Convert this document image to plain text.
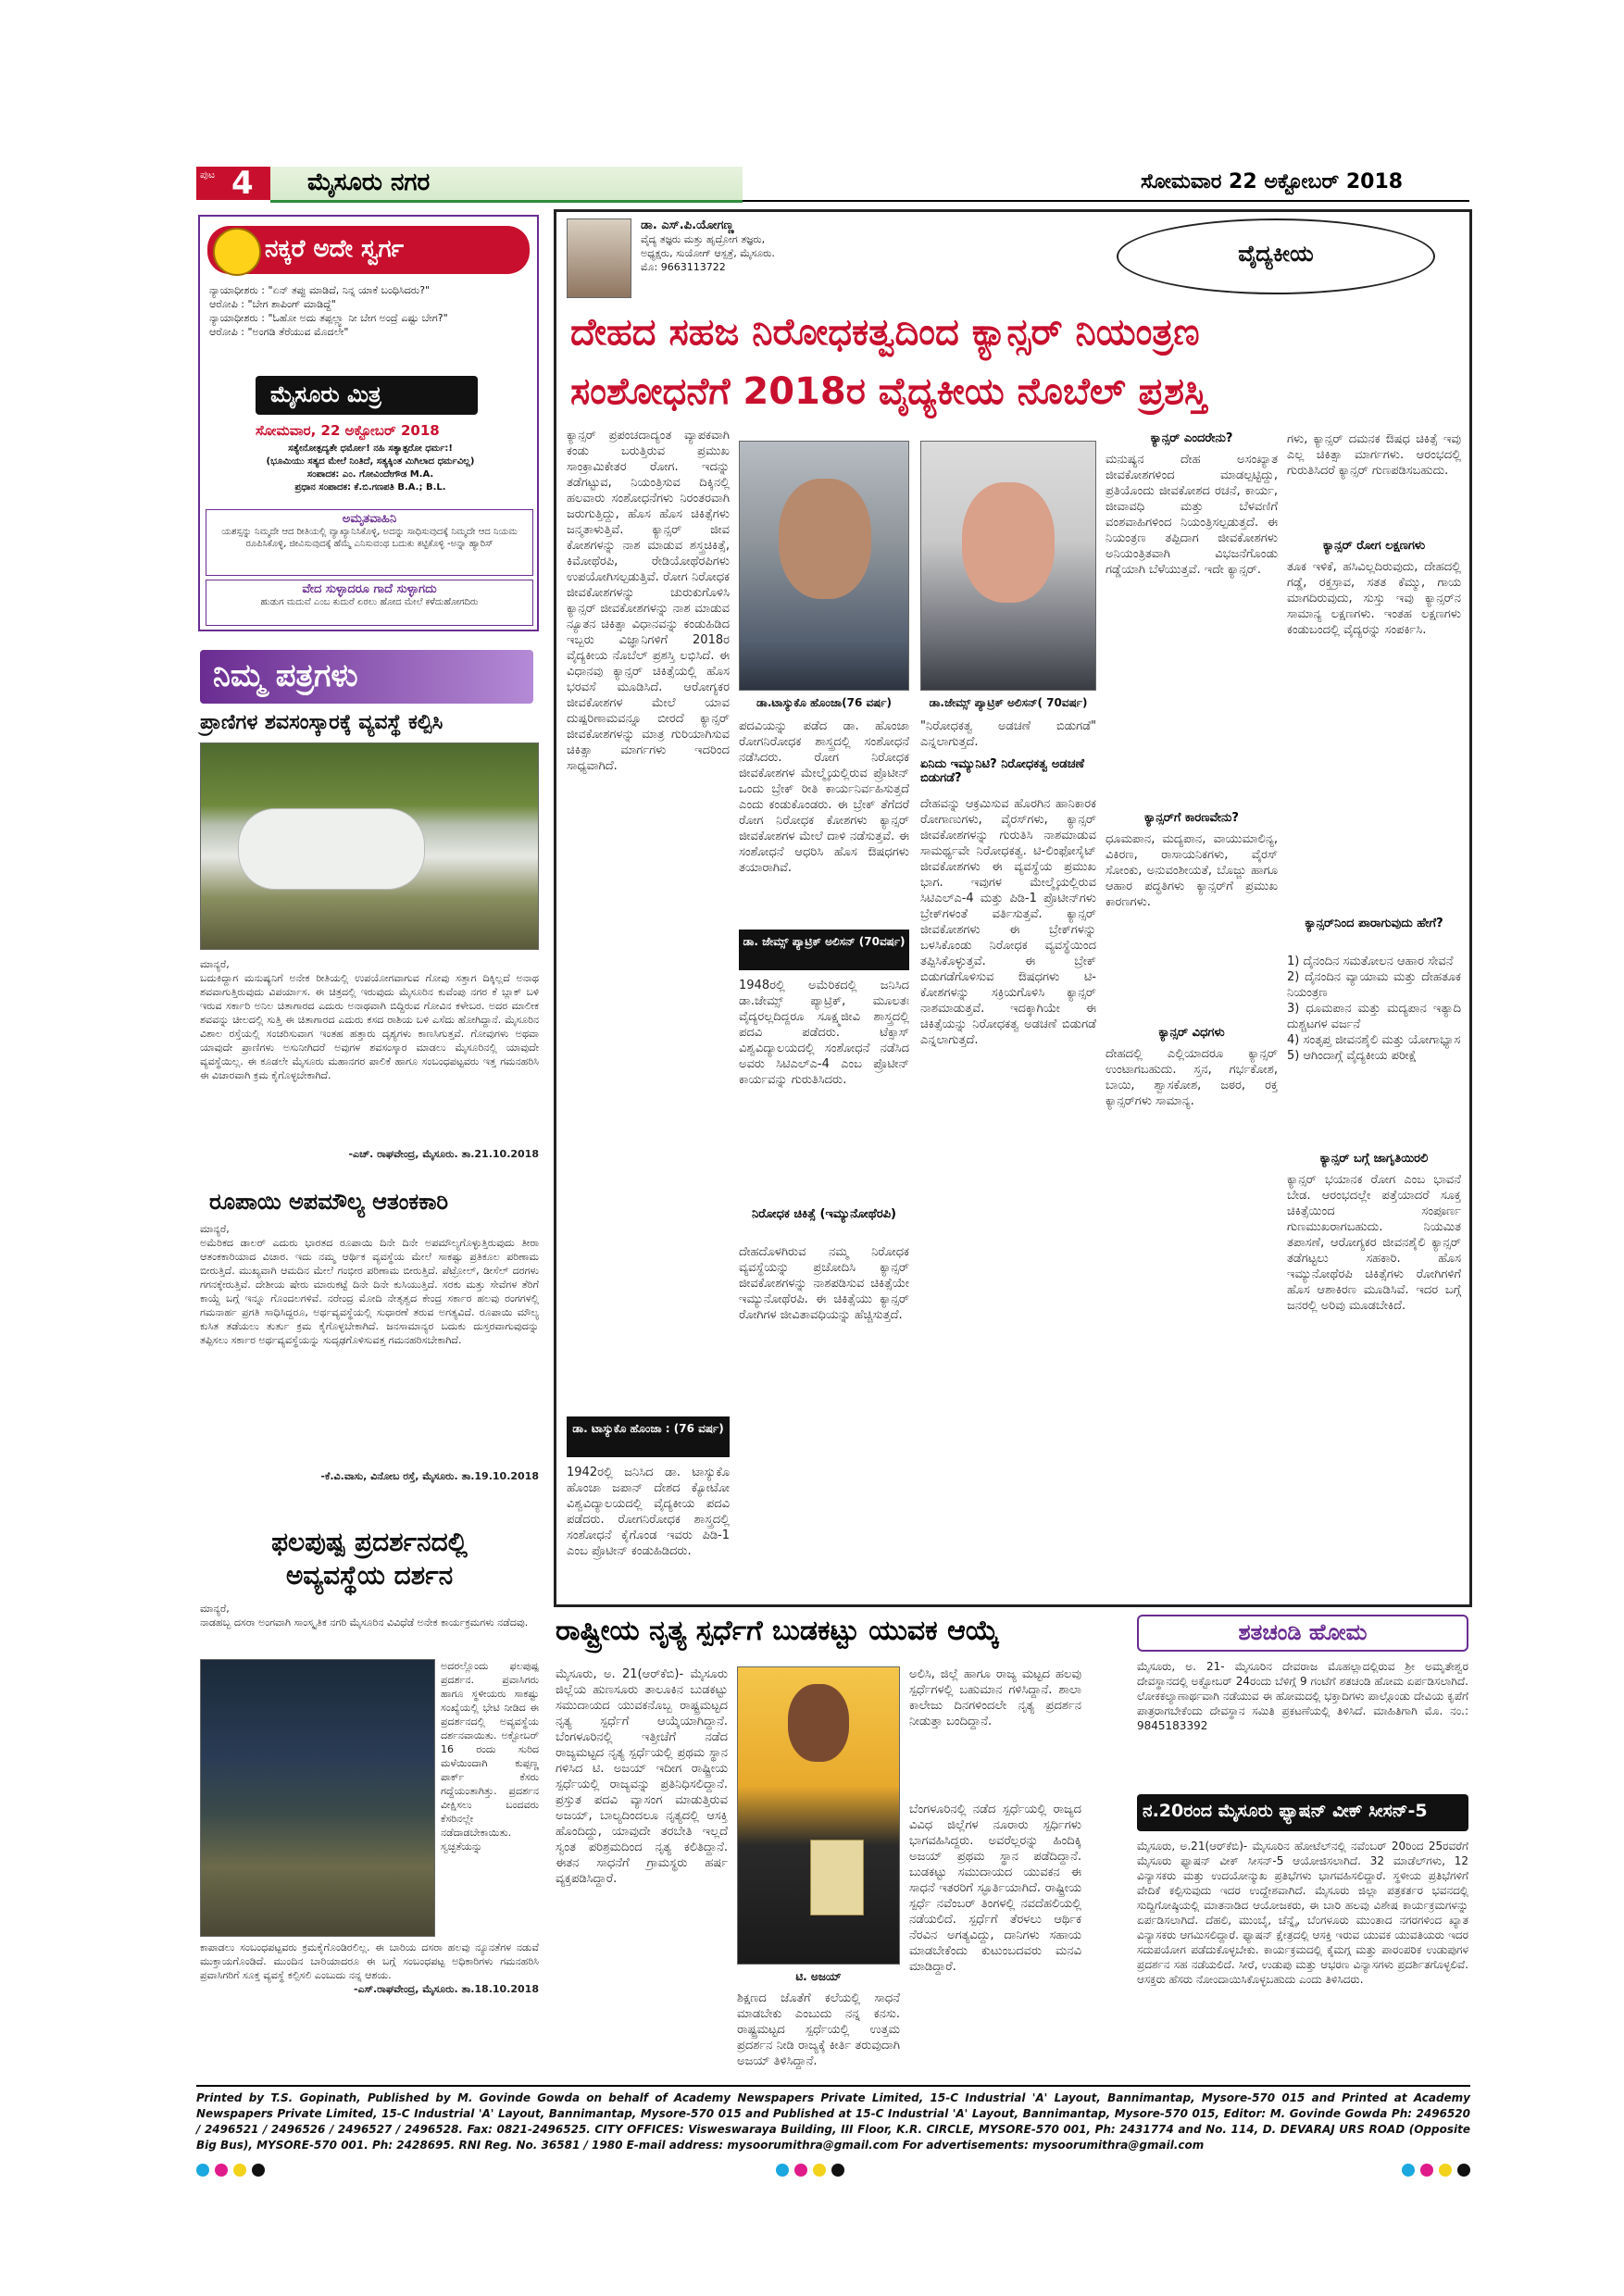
ಪುಟ 4 ಮೈಸೂರು ನಗರ	ಸೋಮವಾರ 22 ಅಕ್ಟೋಬರ್ 2018
ನಕ್ಕರೆ ಅದೇ ಸ್ವರ್ಗ
ನ್ಯಾಯಾಧೀಶರು : "ಏನ್ ತಪ್ಪು ಮಾಡಿದೆ, ನಿನ್ನ ಯಾಕೆ ಬಂಧಿಸಿದರು?"
ಆರೋಪಿ : "ಬೇಗ ಶಾಪಿಂಗ್ ಮಾಡಿದ್ದೆ"
ನ್ಯಾಯಾಧೀಶರು : "ಓಹೋ ಅದು ತಪ್ಪಲ್ಲ್ವಾ ನೀ ಬೇಗ ಅಂದ್ರೆ ಎಷ್ಟು ಬೇಗ?"
ಆರೋಪಿ : "ಅಂಗಡಿ ತೆರೆಯುವ ಮೊದಲೇ"
ಮೈಸೂರು ಮಿತ್ರ
ಸೋಮವಾರ, 22 ಅಕ್ಟೋಬರ್ 2018
ಸತ್ಯೇನೋತ್ಪದ್ಯತೇ ಧರ್ಮೋ! ನಹಿ ಸತ್ಯಾತ್ಪರೋ ಧರ್ಮ:!
(ಭೂಮಿಯು ಸತ್ಯದ ಮೇಲೆ ನಿಂತಿದೆ, ಸತ್ಯಕ್ಕಿಂತ ಮಿಗಿಲಾದ ಧರ್ಮವಿಲ್ಲ)
ಸಂಪಾದಕ: ಎಂ. ಗೋವಿಂದೇಗೌಡ M.A.
ಪ್ರಧಾನ ಸಂಪಾದಕ: ಕೆ.ಬಿ.ಗಣಪತಿ B.A.; B.L.
ಅಮೃತವಾಹಿನಿ
ಯಶಸ್ಸನ್ನು ನಿಮ್ಮದೇ ಆದ ರೀತಿಯಲ್ಲಿ ವ್ಯಾಖ್ಯಾನಿಸಿಕೊಳ್ಳಿ, ಅದನ್ನು ಸಾಧಿಸುವುದಕ್ಕೆ ನಿಮ್ಮದೇ ಆದ ನಿಯಮ ರೂಪಿಸಿಕೊಳ್ಳಿ, ಜೀವಿಸುವುದಕ್ಕೆ ಹೆಮ್ಮೆ ಎನಿಸುವಂಥ ಬದುಕು ಕಟ್ಟಿಕೊಳ್ಳಿ -ಅನ್ನಾ ಹ್ಯಾರಿಸ್
ವೇದ ಸುಳ್ಳಾದರೂ ಗಾದೆ ಸುಳ್ಳಾಗದು
ಹುಡುಗ ಮದುವೆ ಎಂಬ ಕುದುರೆ ಏರಲು ಹೋದ ಮೇಲೆ ಕಳೆದುಹೋಗದಿರು
ನಿಮ್ಮ ಪತ್ರಗಳು
ಪ್ರಾಣಿಗಳ ಶವಸಂಸ್ಕಾರಕ್ಕೆ ವ್ಯವಸ್ಥೆ ಕಲ್ಪಿಸಿ
ಮಾನ್ಯರೆ,
ಬದುಕಿದ್ದಾಗ ಮನುಷ್ಯನಿಗೆ ಅನೇಕ ರೀತಿಯಲ್ಲಿ ಉಪಯೋಗವಾಗುವ ಗೋವು ಸತ್ತಾಗ ದಿಕ್ಕಿಲ್ಲದೆ ಅನಾಥ ಶವವಾಗುತ್ತಿರುವುದು ವಿಪರ್ಯಾಸ. ಈ ಚಿತ್ರದಲ್ಲಿ ಇರುವುದು ಮೈಸೂರಿನ ಕುವೆಂಪು ನಗರ ಕೆ ಬ್ಲಾಕ್ ಬಳಿ ಇರುವ ಸರ್ಕಾರಿ ಅನಿಲ ಚಿತಾಗಾರದ ಎದುರು ಅನಾಥವಾಗಿ ಬಿದ್ದಿರುವ ಗೋವಿನ ಕಳೇಬರ. ಅದರ ಮಾಲೀಕ ಶವವನ್ನು ಚೀಲದಲ್ಲಿ ಸುತ್ತಿ ಈ ಚಿತಾಗಾರದ ಎದುರು ಕಸದ ರಾಶಿಯ ಬಳಿ ಎಸೆದು ಹೋಗಿದ್ದಾನೆ. ಮೈಸೂರಿನ ವಿಶಾಲ ರಸ್ತೆಯಲ್ಲಿ ಸಂಚರಿಸುವಾಗ ಇಂತಹ ಹತ್ತಾರು ದೃಶ್ಯಗಳು ಕಾಣಸಿಗುತ್ತವೆ. ಗೋವುಗಳು ಅಥವಾ ಯಾವುದೇ ಪ್ರಾಣಿಗಳು ಅಸುನೀಗಿದರೆ ಅವುಗಳ ಶವಸಂಸ್ಕಾರ ಮಾಡಲು ಮೈಸೂರಿನಲ್ಲಿ ಯಾವುದೇ ವ್ಯವಸ್ಥೆಯಿಲ್ಲ. ಈ ಕೂಡಲೇ ಮೈಸೂರು ಮಹಾನಗರ ಪಾಲಿಕೆ ಹಾಗೂ ಸಂಬಂಧಪಟ್ಟವರು ಇತ್ತ ಗಮನಹರಿಸಿ ಈ ವಿಚಾರವಾಗಿ ಕ್ರಮ ಕೈಗೊಳ್ಳಬೇಕಾಗಿದೆ.
-ಎಚ್. ರಾಘವೇಂದ್ರ, ಮೈಸೂರು. ತಾ.21.10.2018
ರೂಪಾಯಿ ಅಪಮೌಲ್ಯ ಆತಂಕಕಾರಿ
ಮಾನ್ಯರೆ,
ಅಮೆರಿಕದ ಡಾಲರ್ ಎದುರು ಭಾರತದ ರೂಪಾಯಿ ದಿನೇ ದಿನೇ ಅಪಮೌಲ್ಯಗೊಳ್ಳುತ್ತಿರುವುದು ತೀರಾ ಆತಂಕಕಾರಿಯಾದ ವಿಚಾರ. ಇದು ನಮ್ಮ ಆರ್ಥಿಕ ವ್ಯವಸ್ಥೆಯ ಮೇಲೆ ಸಾಕಷ್ಟು ಪ್ರತಿಕೂಲ ಪರಿಣಾಮ ಬೀರುತ್ತಿದೆ. ಮುಖ್ಯವಾಗಿ ಆಮದಿನ ಮೇಲೆ ಗಂಭೀರ ಪರಿಣಾಮ ಬೀರುತ್ತಿದೆ. ಪೆಟ್ರೋಲ್, ಡೀಸೆಲ್ ದರಗಳು ಗಗನಕ್ಕೇರುತ್ತಿವೆ. ದೇಶೀಯ ಷೇರು ಮಾರುಕಟ್ಟೆ ದಿನೇ ದಿನೇ ಕುಸಿಯುತ್ತಿದೆ. ಸರಕು ಮತ್ತು ಸೇವೆಗಳ ತೆರಿಗೆ ಕಾಯ್ದೆ ಬಗ್ಗೆ ಇನ್ನೂ ಗೊಂದಲಗಳಿವೆ. ನರೇಂದ್ರ ಮೋದಿ ನೇತೃತ್ವದ ಕೇಂದ್ರ ಸರ್ಕಾರ ಹಲವು ರಂಗಗಳಲ್ಲಿ ಗಮನಾರ್ಹ ಪ್ರಗತಿ ಸಾಧಿಸಿದ್ದರೂ, ಅರ್ಥವ್ಯವಸ್ಥೆಯಲ್ಲಿ ಸುಧಾರಣೆ ತರುವ ಅಗತ್ಯವಿದೆ. ರೂಪಾಯಿ ಮೌಲ್ಯ ಕುಸಿತ ತಡೆಯಲು ತುರ್ತು ಕ್ರಮ ಕೈಗೊಳ್ಳಬೇಕಾಗಿದೆ. ಜನಸಾಮಾನ್ಯರ ಬದುಕು ದುಸ್ತರವಾಗುವುದನ್ನು ತಪ್ಪಿಸಲು ಸರ್ಕಾರ ಅರ್ಥವ್ಯವಸ್ಥೆಯನ್ನು ಸುದೃಢಗೊಳಿಸುವತ್ತ ಗಮನಹರಿಸಬೇಕಾಗಿದೆ.
-ಕೆ.ವಿ.ವಾಸು, ವಿನೋಬ ರಸ್ತೆ, ಮೈಸೂರು. ತಾ.19.10.2018
ಫಲಪುಷ್ಪ ಪ್ರದರ್ಶನದಲ್ಲಿ
ಅವ್ಯವಸ್ಥೆಯ ದರ್ಶನ
ಮಾನ್ಯರೆ,
ನಾಡಹಬ್ಬ ದಸರಾ ಅಂಗವಾಗಿ ಸಾಂಸ್ಕೃತಿಕ ನಗರಿ ಮೈಸೂರಿನ ವಿವಿಧೆಡೆ ಅನೇಕ ಕಾರ್ಯಕ್ರಮಗಳು ನಡೆದವು.
ಅದರಲ್ಲೊಂದು ಫಲಪುಷ್ಪ ಪ್ರದರ್ಶನ. ಪ್ರವಾಸಿಗರು ಹಾಗೂ ಸ್ಥಳೀಯರು ಸಾಕಷ್ಟು ಸಂಖ್ಯೆಯಲ್ಲಿ ಭೇಟಿ ನೀಡಿದ ಈ ಪ್ರದರ್ಶನದಲ್ಲಿ ಅವ್ಯವಸ್ಥೆಯ ದರ್ಶನವಾಯಿತು. ಅಕ್ಟೋಬರ್ 16 ರಂದು ಸುರಿದ ಮಳೆಯಿಂದಾಗಿ ಕುಪ್ಪಣ್ಣ ಪಾರ್ಕ್ ಕೆಸರು ಗದ್ದೆಯಂತಾಗಿತ್ತು. ಪ್ರದರ್ಶನ ವೀಕ್ಷಿಸಲು ಬಂದವರು ಕೆಸರಿನಲ್ಲೇ ನಡೆದಾಡಬೇಕಾಯಿತು. ಸ್ವಚ್ಛತೆಯನ್ನು
ಕಾಪಾಡಲು ಸಂಬಂಧಪಟ್ಟವರು ಕ್ರಮಕೈಗೊಂಡಿರಲಿಲ್ಲ. ಈ ಬಾರಿಯ ದಸರಾ ಹಲವು ನ್ಯೂನತೆಗಳ ನಡುವೆ ಮುಕ್ತಾಯಗೊಂಡಿದೆ. ಮುಂದಿನ ಬಾರಿಯಾದರೂ ಈ ಬಗ್ಗೆ ಸಂಬಂಧಪಟ್ಟ ಅಧಿಕಾರಿಗಳು ಗಮನಹರಿಸಿ ಪ್ರವಾಸಿಗರಿಗೆ ಸೂಕ್ತ ವ್ಯವಸ್ಥೆ ಕಲ್ಪಿಸಲಿ ಎಂಬುದು ನನ್ನ ಆಶಯ.
-ಎಸ್.ರಾಘವೇಂದ್ರ, ಮೈಸೂರು. ತಾ.18.10.2018
ಡಾ. ಎಸ್.ಪಿ.ಯೋಗಣ್ಣ
ವೈದ್ಯ ತಜ್ಞರು ಮತ್ತು ಹೃದ್ರೋಗ ತಜ್ಞರು,
ಅಧ್ಯಕ್ಷರು, ಸುಯೋಗ್ ಆಸ್ಪತ್ರೆ, ಮೈಸೂರು.
ಮೊ: 9663113722
ವೈದ್ಯಕೀಯ
ದೇಹದ ಸಹಜ ನಿರೋಧಕತ್ವದಿಂದ ಕ್ಯಾನ್ಸರ್ ನಿಯಂತ್ರಣ
ಸಂಶೋಧನೆಗೆ 2018ರ ವೈದ್ಯಕೀಯ ನೊಬೆಲ್ ಪ್ರಶಸ್ತಿ
ಕ್ಯಾನ್ಸರ್ ಪ್ರಪಂಚದಾದ್ಯಂತ ವ್ಯಾಪಕವಾಗಿ ಕಂಡು ಬರುತ್ತಿರುವ ಪ್ರಮುಖ ಸಾಂಕ್ರಾಮಿಕೇತರ ರೋಗ. ಇದನ್ನು ತಡೆಗಟ್ಟುವ, ನಿಯಂತ್ರಿಸುವ ದಿಕ್ಕಿನಲ್ಲಿ ಹಲವಾರು ಸಂಶೋಧನೆಗಳು ನಿರಂತರವಾಗಿ ಜರುಗುತ್ತಿದ್ದು, ಹೊಸ ಹೊಸ ಚಿಕಿತ್ಸೆಗಳು ಜನ್ಮತಾಳುತ್ತಿವೆ. ಕ್ಯಾನ್ಸರ್ ಜೀವ ಕೋಶಗಳನ್ನು ನಾಶ ಮಾಡುವ ಶಸ್ತ್ರಚಿಕಿತ್ಸೆ, ಕಿಮೋಥೆರಪಿ, ರೇಡಿಯೋಥೆರಪಿಗಳು ಉಪಯೋಗಿಸಲ್ಪಡುತ್ತಿವೆ. ರೋಗ ನಿರೋಧಕ ಜೀವಕೋಶಗಳನ್ನು ಚುರುಕುಗೊಳಿಸಿ ಕ್ಯಾನ್ಸರ್ ಜೀವಕೋಶಗಳನ್ನು ನಾಶ ಮಾಡುವ ನ್ಯೂತನ ಚಿಕಿತ್ಸಾ ವಿಧಾನವನ್ನು ಕಂಡುಹಿಡಿದ ಇಬ್ಬರು ವಿಜ್ಞಾನಿಗಳಿಗೆ 2018ರ ವೈದ್ಯಕೀಯ ನೊಬೆಲ್ ಪ್ರಶಸ್ತಿ ಲಭಿಸಿದೆ. ಈ ವಿಧಾನವು ಕ್ಯಾನ್ಸರ್ ಚಿಕಿತ್ಸೆಯಲ್ಲಿ ಹೊಸ ಭರವಸೆ ಮೂಡಿಸಿದೆ. ಆರೋಗ್ಯಕರ ಜೀವಕೋಶಗಳ ಮೇಲೆ ಯಾವ ದುಷ್ಪರಿಣಾಮವನ್ನೂ ಬೀರದೆ ಕ್ಯಾನ್ಸರ್ ಜೀವಕೋಶಗಳನ್ನು ಮಾತ್ರ ಗುರಿಯಾಗಿಸುವ ಚಿಕಿತ್ಸಾ ಮಾರ್ಗಗಳು ಇದರಿಂದ ಸಾಧ್ಯವಾಗಿದೆ.
ಡಾ. ಟಾಸ್ಯುಕೊ ಹೊಂಜಾ : (76 ವರ್ಷ)
1942ರಲ್ಲಿ ಜನಿಸಿದ ಡಾ. ಟಾಸ್ಯುಕೊ ಹೊಂಜಾ ಜಪಾನ್ ದೇಶದ ಕ್ಯೋಟೋ ವಿಶ್ವವಿದ್ಯಾಲಯದಲ್ಲಿ ವೈದ್ಯಕೀಯ ಪದವಿ ಪಡೆದರು. ರೋಗನಿರೋಧಕ ಶಾಸ್ತ್ರದಲ್ಲಿ ಸಂಶೋಧನೆ ಕೈಗೊಂಡ ಇವರು ಪಿಡಿ-1 ಎಂಬ ಪ್ರೊಟೀನ್ ಕಂಡುಹಿಡಿದರು.
ಡಾ.ಟಾಸ್ಯುಕೊ ಹೊಂಜಾ(76 ವರ್ಷ)	ಡಾ.ಜೇಮ್ಸ್ ಪ್ಯಾಟ್ರಿಕ್ ಅಲಿಸನ್( 70ವರ್ಷ)
ಪದವಿಯನ್ನು ಪಡೆದ ಡಾ. ಹೊಂಜಾ ರೋಗನಿರೋಧಕ ಶಾಸ್ತ್ರದಲ್ಲಿ ಸಂಶೋಧನೆ ನಡೆಸಿದರು. ರೋಗ ನಿರೋಧಕ ಜೀವಕೋಶಗಳ ಮೇಲ್ಮೈಯಲ್ಲಿರುವ ಪ್ರೊಟೀನ್ ಒಂದು ಬ್ರೇಕ್ ರೀತಿ ಕಾರ್ಯನಿರ್ವಹಿಸುತ್ತದೆ ಎಂದು ಕಂಡುಕೊಂಡರು. ಈ ಬ್ರೇಕ್ ತೆಗೆದರೆ ರೋಗ ನಿರೋಧಕ ಕೋಶಗಳು ಕ್ಯಾನ್ಸರ್ ಜೀವಕೋಶಗಳ ಮೇಲೆ ದಾಳಿ ನಡೆಸುತ್ತವೆ. ಈ ಸಂಶೋಧನೆ ಆಧರಿಸಿ ಹೊಸ ಔಷಧಗಳು ತಯಾರಾಗಿವೆ.
ಡಾ. ಜೇಮ್ಸ್ ಪ್ಯಾಟ್ರಿಕ್ ಅಲಿಸನ್ (70ವರ್ಷ)
1948ರಲ್ಲಿ ಅಮೆರಿಕದಲ್ಲಿ ಜನಿಸಿದ ಡಾ.ಜೇಮ್ಸ್ ಪ್ಯಾಟ್ರಿಕ್, ಮೂಲತಃ ವೈದ್ಯರಲ್ಲದಿದ್ದರೂ ಸೂಕ್ಷ್ಮಜೀವಿ ಶಾಸ್ತ್ರದಲ್ಲಿ ಪದವಿ ಪಡೆದರು. ಟೆಕ್ಸಾಸ್ ವಿಶ್ವವಿದ್ಯಾಲಯದಲ್ಲಿ ಸಂಶೋಧನೆ ನಡೆಸಿದ ಅವರು ಸಿಟಿಎಲ್ಎ-4 ಎಂಬ ಪ್ರೊಟೀನ್ ಕಾರ್ಯವನ್ನು ಗುರುತಿಸಿದರು.
ನಿರೋಧಕ ಚಿಕಿತ್ಸೆ (ಇಮ್ಯುನೋಥೆರಪಿ)
ದೇಹದೊಳಗಿರುವ ನಮ್ಮ ನಿರೋಧಕ ವ್ಯವಸ್ಥೆಯನ್ನು ಪ್ರಚೋದಿಸಿ ಕ್ಯಾನ್ಸರ್ ಜೀವಕೋಶಗಳನ್ನು ನಾಶಪಡಿಸುವ ಚಿಕಿತ್ಸೆಯೇ ಇಮ್ಯುನೋಥೆರಪಿ. ಈ ಚಿಕಿತ್ಸೆಯು ಕ್ಯಾನ್ಸರ್ ರೋಗಿಗಳ ಜೀವಿತಾವಧಿಯನ್ನು ಹೆಚ್ಚಿಸುತ್ತದೆ.
"ನಿರೋಧಕತ್ವ ಅಡಚಣೆ ಬಿಡುಗಡೆ" ಎನ್ನಲಾಗುತ್ತದೆ.
ಏನಿದು ಇಮ್ಯುನಿಟಿ? ನಿರೋಧಕತ್ವ ಅಡಚಣೆ ಬಿಡುಗಡೆ?
ದೇಹವನ್ನು ಆಕ್ರಮಿಸುವ ಹೊರಗಿನ ಹಾನಿಕಾರಕ ರೋಗಾಣುಗಳು, ವೈರಸ್‌ಗಳು, ಕ್ಯಾನ್ಸರ್ ಜೀವಕೋಶಗಳನ್ನು ಗುರುತಿಸಿ ನಾಶಮಾಡುವ ಸಾಮರ್ಥ್ಯವೇ ನಿರೋಧಕತ್ವ. ಟಿ-ಲಿಂಫೋಸೈಟ್ ಜೀವಕೋಶಗಳು ಈ ವ್ಯವಸ್ಥೆಯ ಪ್ರಮುಖ ಭಾಗ. ಇವುಗಳ ಮೇಲ್ಮೈಯಲ್ಲಿರುವ ಸಿಟಿಎಲ್ಎ-4 ಮತ್ತು ಪಿಡಿ-1 ಪ್ರೊಟೀನ್‌ಗಳು ಬ್ರೇಕ್‌ಗಳಂತೆ ವರ್ತಿಸುತ್ತವೆ. ಕ್ಯಾನ್ಸರ್ ಜೀವಕೋಶಗಳು ಈ ಬ್ರೇಕ್‌ಗಳನ್ನು ಬಳಸಿಕೊಂಡು ನಿರೋಧಕ ವ್ಯವಸ್ಥೆಯಿಂದ ತಪ್ಪಿಸಿಕೊಳ್ಳುತ್ತವೆ. ಈ ಬ್ರೇಕ್ ಬಿಡುಗಡೆಗೊಳಿಸುವ ಔಷಧಗಳು ಟಿ-ಕೋಶಗಳನ್ನು ಸಕ್ರಿಯಗೊಳಿಸಿ ಕ್ಯಾನ್ಸರ್ ನಾಶಮಾಡುತ್ತವೆ. ಇದಕ್ಕಾಗಿಯೇ ಈ ಚಿಕಿತ್ಸೆಯನ್ನು ನಿರೋಧಕತ್ವ ಅಡಚಣೆ ಬಿಡುಗಡೆ ಎನ್ನಲಾಗುತ್ತದೆ.
ಕ್ಯಾನ್ಸರ್ ಎಂದರೇನು?
ಮನುಷ್ಯನ ದೇಹ ಅಸಂಖ್ಯಾತ ಜೀವಕೋಶಗಳಿಂದ ಮಾಡಲ್ಪಟ್ಟಿದ್ದು, ಪ್ರತಿಯೊಂದು ಜೀವಕೋಶದ ರಚನೆ, ಕಾರ್ಯ, ಜೀವಾವಧಿ ಮತ್ತು ಬೆಳವಣಿಗೆ ವಂಶವಾಹಿಗಳಿಂದ ನಿಯಂತ್ರಿಸಲ್ಪಡುತ್ತದೆ. ಈ ನಿಯಂತ್ರಣ ತಪ್ಪಿದಾಗ ಜೀವಕೋಶಗಳು ಅನಿಯಂತ್ರಿತವಾಗಿ ವಿಭಜನೆಗೊಂಡು ಗಡ್ಡೆಯಾಗಿ ಬೆಳೆಯುತ್ತವೆ. ಇದೇ ಕ್ಯಾನ್ಸರ್.
ಕ್ಯಾನ್ಸರ್‌ಗೆ ಕಾರಣವೇನು?
ಧೂಮಪಾನ, ಮದ್ಯಪಾನ, ವಾಯುಮಾಲಿನ್ಯ, ವಿಕಿರಣ, ರಾಸಾಯನಿಕಗಳು, ವೈರಸ್ ಸೋಂಕು, ಅನುವಂಶೀಯತೆ, ಬೊಜ್ಜು ಹಾಗೂ ಆಹಾರ ಪದ್ಧತಿಗಳು ಕ್ಯಾನ್ಸರ್‌ಗೆ ಪ್ರಮುಖ ಕಾರಣಗಳು.
ಕ್ಯಾನ್ಸರ್ ವಿಧಗಳು
ದೇಹದಲ್ಲಿ ಎಲ್ಲಿಯಾದರೂ ಕ್ಯಾನ್ಸರ್ ಉಂಟಾಗಬಹುದು. ಸ್ತನ, ಗರ್ಭಕೋಶ, ಬಾಯಿ, ಶ್ವಾಸಕೋಶ, ಜಠರ, ರಕ್ತ ಕ್ಯಾನ್ಸರ್‌ಗಳು ಸಾಮಾನ್ಯ.
ಗಳು, ಕ್ಯಾನ್ಸರ್ ದಮನಕ ಔಷಧ ಚಿಕಿತ್ಸೆ ಇವು ಎಲ್ಲ ಚಿಕಿತ್ಸಾ ಮಾರ್ಗಗಳು. ಆರಂಭದಲ್ಲಿ ಗುರುತಿಸಿದರೆ ಕ್ಯಾನ್ಸರ್ ಗುಣಪಡಿಸಬಹುದು.
ಕ್ಯಾನ್ಸರ್ ರೋಗ ಲಕ್ಷಣಗಳು
ತೂಕ ಇಳಿಕೆ, ಹಸಿವಿಲ್ಲದಿರುವುದು, ದೇಹದಲ್ಲಿ ಗಡ್ಡೆ, ರಕ್ತಸ್ರಾವ, ಸತತ ಕೆಮ್ಮು, ಗಾಯ ಮಾಗದಿರುವುದು, ಸುಸ್ತು ಇವು ಕ್ಯಾನ್ಸರ್‌ನ ಸಾಮಾನ್ಯ ಲಕ್ಷಣಗಳು. ಇಂತಹ ಲಕ್ಷಣಗಳು ಕಂಡುಬಂದಲ್ಲಿ ವೈದ್ಯರನ್ನು ಸಂಪರ್ಕಿಸಿ.
ಕ್ಯಾನ್ಸರ್‌ನಿಂದ ಪಾರಾಗುವುದು ಹೇಗೆ?
1) ದೈನಂದಿನ ಸಮತೋಲನ ಆಹಾರ ಸೇವನೆ
2) ದೈನಂದಿನ ವ್ಯಾಯಾಮ ಮತ್ತು ದೇಹತೂಕ ನಿಯಂತ್ರಣ
3) ಧೂಮಪಾನ ಮತ್ತು ಮದ್ಯಪಾನ ಇತ್ಯಾದಿ ದುಶ್ಚಟಗಳ ವರ್ಜನೆ
4) ಸಂತೃಪ್ತ ಜೀವನಶೈಲಿ ಮತ್ತು ಯೋಗಾಭ್ಯಾಸ
5) ಆಗಿಂದಾಗ್ಗೆ ವೈದ್ಯಕೀಯ ಪರೀಕ್ಷೆ
ಕ್ಯಾನ್ಸರ್ ಬಗ್ಗೆ ಜಾಗೃತಿಯಿರಲಿ
ಕ್ಯಾನ್ಸರ್ ಭಯಾನಕ ರೋಗ ಎಂಬ ಭಾವನೆ ಬೇಡ. ಆರಂಭದಲ್ಲೇ ಪತ್ತೆಯಾದರೆ ಸೂಕ್ತ ಚಿಕಿತ್ಸೆಯಿಂದ ಸಂಪೂರ್ಣ ಗುಣಮುಖರಾಗಬಹುದು. ನಿಯಮಿತ ತಪಾಸಣೆ, ಆರೋಗ್ಯಕರ ಜೀವನಶೈಲಿ ಕ್ಯಾನ್ಸರ್ ತಡೆಗಟ್ಟಲು ಸಹಕಾರಿ. ಹೊಸ ಇಮ್ಯುನೋಥೆರಪಿ ಚಿಕಿತ್ಸೆಗಳು ರೋಗಿಗಳಿಗೆ ಹೊಸ ಆಶಾಕಿರಣ ಮೂಡಿಸಿವೆ. ಇದರ ಬಗ್ಗೆ ಜನರಲ್ಲಿ ಅರಿವು ಮೂಡಬೇಕಿದೆ.
ರಾಷ್ಟ್ರೀಯ ನೃತ್ಯ ಸ್ಪರ್ಧೆಗೆ ಬುಡಕಟ್ಟು ಯುವಕ ಆಯ್ಕೆ
ಮೈಸೂರು, ಅ. 21(ಆರ್‌ಕೆಬಿ)- ಮೈಸೂರು ಜಿಲ್ಲೆಯ ಹುಣಸೂರು ತಾಲೂಕಿನ ಬುಡಕಟ್ಟು ಸಮುದಾಯದ ಯುವಕನೊಬ್ಬ ರಾಷ್ಟ್ರಮಟ್ಟದ ನೃತ್ಯ ಸ್ಪರ್ಧೆಗೆ ಆಯ್ಕೆಯಾಗಿದ್ದಾನೆ. ಬೆಂಗಳೂರಿನಲ್ಲಿ ಇತ್ತೀಚೆಗೆ ನಡೆದ ರಾಜ್ಯಮಟ್ಟದ ನೃತ್ಯ ಸ್ಪರ್ಧೆಯಲ್ಲಿ ಪ್ರಥಮ ಸ್ಥಾನ ಗಳಿಸಿದ ಟಿ. ಅಜಯ್ ಇದೀಗ ರಾಷ್ಟ್ರೀಯ ಸ್ಪರ್ಧೆಯಲ್ಲಿ ರಾಜ್ಯವನ್ನು ಪ್ರತಿನಿಧಿಸಲಿದ್ದಾನೆ. ಪ್ರಸ್ತುತ ಪದವಿ ವ್ಯಾಸಂಗ ಮಾಡುತ್ತಿರುವ ಅಜಯ್, ಬಾಲ್ಯದಿಂದಲೂ ನೃತ್ಯದಲ್ಲಿ ಆಸಕ್ತಿ ಹೊಂದಿದ್ದು, ಯಾವುದೇ ತರಬೇತಿ ಇಲ್ಲದೆ ಸ್ವಂತ ಪರಿಶ್ರಮದಿಂದ ನೃತ್ಯ ಕಲಿತಿದ್ದಾನೆ. ಈತನ ಸಾಧನೆಗೆ ಗ್ರಾಮಸ್ಥರು ಹರ್ಷ ವ್ಯಕ್ತಪಡಿಸಿದ್ದಾರೆ.
ಟಿ. ಅಜಯ್
ಅಲಿಸಿ, ಜಿಲ್ಲೆ ಹಾಗೂ ರಾಜ್ಯ ಮಟ್ಟದ ಹಲವು ಸ್ಪರ್ಧೆಗಳಲ್ಲಿ ಬಹುಮಾನ ಗಳಿಸಿದ್ದಾನೆ. ಶಾಲಾ ಕಾಲೇಜು ದಿನಗಳಿಂದಲೇ ನೃತ್ಯ ಪ್ರದರ್ಶನ ನೀಡುತ್ತಾ ಬಂದಿದ್ದಾನೆ.
ಶಿಕ್ಷಣದ ಜೊತೆಗೆ ಕಲೆಯಲ್ಲಿ ಸಾಧನೆ ಮಾಡಬೇಕು ಎಂಬುದು ನನ್ನ ಕನಸು. ರಾಷ್ಟ್ರಮಟ್ಟದ ಸ್ಪರ್ಧೆಯಲ್ಲಿ ಉತ್ತಮ ಪ್ರದರ್ಶನ ನೀಡಿ ರಾಜ್ಯಕ್ಕೆ ಕೀರ್ತಿ ತರುವುದಾಗಿ ಅಜಯ್ ತಿಳಿಸಿದ್ದಾನೆ.
ಬೆಂಗಳೂರಿನಲ್ಲಿ ನಡೆದ ಸ್ಪರ್ಧೆಯಲ್ಲಿ ರಾಜ್ಯದ ವಿವಿಧ ಜಿಲ್ಲೆಗಳ ನೂರಾರು ಸ್ಪರ್ಧಿಗಳು ಭಾಗವಹಿಸಿದ್ದರು. ಅವರೆಲ್ಲರನ್ನು ಹಿಂದಿಕ್ಕಿ ಅಜಯ್ ಪ್ರಥಮ ಸ್ಥಾನ ಪಡೆದಿದ್ದಾನೆ. ಬುಡಕಟ್ಟು ಸಮುದಾಯದ ಯುವಕನ ಈ ಸಾಧನೆ ಇತರರಿಗೆ ಸ್ಫೂರ್ತಿಯಾಗಿದೆ. ರಾಷ್ಟ್ರೀಯ ಸ್ಪರ್ಧೆ ನವೆಂಬರ್ ತಿಂಗಳಲ್ಲಿ ನವದೆಹಲಿಯಲ್ಲಿ ನಡೆಯಲಿದೆ. ಸ್ಪರ್ಧೆಗೆ ತೆರಳಲು ಆರ್ಥಿಕ ನೆರವಿನ ಅಗತ್ಯವಿದ್ದು, ದಾನಿಗಳು ಸಹಾಯ ಮಾಡಬೇಕೆಂದು ಕುಟುಂಬದವರು ಮನವಿ ಮಾಡಿದ್ದಾರೆ.
ಶತಚಂಡಿ ಹೋಮ
ಮೈಸೂರು, ಅ. 21- ಮೈಸೂರಿನ ದೇವರಾಜ ಮೊಹಲ್ಲಾದಲ್ಲಿರುವ ಶ್ರೀ ಅಮೃತೇಶ್ವರ ದೇವಸ್ಥಾನದಲ್ಲಿ ಅಕ್ಟೋಬರ್ 24ರಂದು ಬೆಳಿಗ್ಗೆ 9 ಗಂಟೆಗೆ ಶತಚಂಡಿ ಹೋಮ ಏರ್ಪಡಿಸಲಾಗಿದೆ. ಲೋಕಕಲ್ಯಾಣಾರ್ಥವಾಗಿ ನಡೆಯುವ ಈ ಹೋಮದಲ್ಲಿ ಭಕ್ತಾದಿಗಳು ಪಾಲ್ಗೊಂಡು ದೇವಿಯ ಕೃಪೆಗೆ ಪಾತ್ರರಾಗಬೇಕೆಂದು ದೇವಸ್ಥಾನ ಸಮಿತಿ ಪ್ರಕಟಣೆಯಲ್ಲಿ ತಿಳಿಸಿದೆ. ಮಾಹಿತಿಗಾಗಿ ಮೊ. ನಂ.: 9845183392
ನ.20ರಂದ ಮೈಸೂರು ಫ್ಯಾಷನ್ ವೀಕ್ ಸೀಸನ್-5
ಮೈಸೂರು, ಅ.21(ಆರ್‌ಕೆಬಿ)- ಮೈಸೂರಿನ ಹೋಟೆಲ್‌ನಲ್ಲಿ ನವೆಂಬರ್ 20ರಿಂದ 25ರವರೆಗೆ ಮೈಸೂರು ಫ್ಯಾಷನ್ ವೀಕ್ ಸೀಸನ್-5 ಆಯೋಜಿಸಲಾಗಿದೆ. 32 ಮಾಡೆಲ್‌ಗಳು, 12 ವಿನ್ಯಾಸಕರು ಮತ್ತು ಉದಯೋನ್ಮುಖ ಪ್ರತಿಭೆಗಳು ಭಾಗವಹಿಸಲಿದ್ದಾರೆ. ಸ್ಥಳೀಯ ಪ್ರತಿಭೆಗಳಿಗೆ ವೇದಿಕೆ ಕಲ್ಪಿಸುವುದು ಇದರ ಉದ್ದೇಶವಾಗಿದೆ. ಮೈಸೂರು ಜಿಲ್ಲಾ ಪತ್ರಕರ್ತರ ಭವನದಲ್ಲಿ ಸುದ್ದಿಗೋಷ್ಠಿಯಲ್ಲಿ ಮಾತನಾಡಿದ ಆಯೋಜಕರು, ಈ ಬಾರಿ ಹಲವು ವಿಶೇಷ ಕಾರ್ಯಕ್ರಮಗಳನ್ನು ಏರ್ಪಡಿಸಲಾಗಿದೆ. ದೆಹಲಿ, ಮುಂಬೈ, ಚೆನ್ನೈ, ಬೆಂಗಳೂರು ಮುಂತಾದ ನಗರಗಳಿಂದ ಖ್ಯಾತ ವಿನ್ಯಾಸಕರು ಆಗಮಿಸಲಿದ್ದಾರೆ. ಫ್ಯಾಷನ್ ಕ್ಷೇತ್ರದಲ್ಲಿ ಆಸಕ್ತಿ ಇರುವ ಯುವಕ ಯುವತಿಯರು ಇದರ ಸದುಪಯೋಗ ಪಡೆದುಕೊಳ್ಳಬೇಕು. ಕಾರ್ಯಕ್ರಮದಲ್ಲಿ ಕೈಮಗ್ಗ ಮತ್ತು ಪಾರಂಪರಿಕ ಉಡುಪುಗಳ ಪ್ರದರ್ಶನ ಸಹ ನಡೆಯಲಿದೆ. ಸೀರೆ, ಉಡುಪು ಮತ್ತು ಆಭರಣ ವಿನ್ಯಾಸಗಳು ಪ್ರದರ್ಶಿತಗೊಳ್ಳಲಿವೆ. ಆಸಕ್ತರು ಹೆಸರು ನೋಂದಾಯಿಸಿಕೊಳ್ಳಬಹುದು ಎಂದು ತಿಳಿಸಿದರು.
Printed by T.S. Gopinath, Published by M. Govinde Gowda on behalf of Academy Newspapers Private Limited, 15-C Industrial 'A' Layout, Bannimantap, Mysore-570 015 and Printed at Academy Newspapers Private Limited, 15-C Industrial 'A' Layout, Bannimantap, Mysore-570 015 and Published at 15-C Industrial 'A' Layout, Bannimantap, Mysore-570 015, Editor: M. Govinde Gowda Ph: 2496520 / 2496521 / 2496526 / 2496527 / 2496528. Fax: 0821-2496525. CITY OFFICES: Visweswaraya Building, III Floor, K.R. CIRCLE, MYSORE-570 001, Ph: 2431774 and No. 114, D. DEVARAJ URS ROAD (Opposite Big Bus), MYSORE-570 001. Ph: 2428695. RNI Reg. No. 36581 / 1980 E-mail address: mysoorumithra@gmail.com For advertisements: mysoorumithra@gmail.com
